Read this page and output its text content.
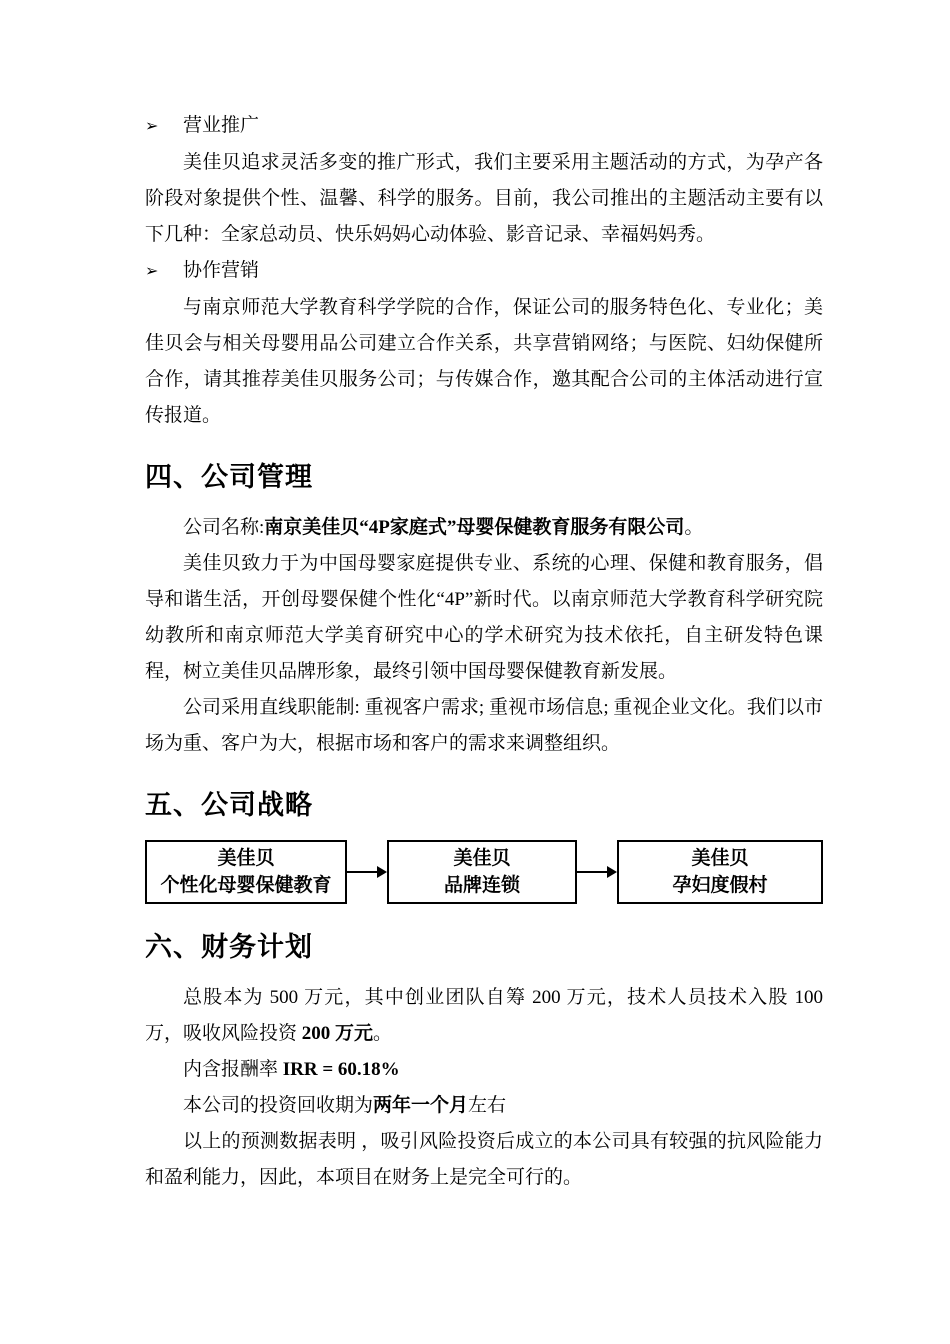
➢	营业推广

美佳贝追求灵活多变的推广形式，我们主要采用主题活动的方式，为孕产各阶段对象提供个性、温馨、科学的服务。目前，我公司推出的主题活动主要有以下几种：全家总动员、快乐妈妈心动体验、影音记录、幸福妈妈秀。

➢	协作营销

与南京师范大学教育科学学院的合作，保证公司的服务特色化、专业化；美佳贝会与相关母婴用品公司建立合作关系，共享营销网络；与医院、妇幼保健所合作，请其推荐美佳贝服务公司；与传媒合作，邀其配合公司的主体活动进行宣传报道。

四、公司管理

公司名称:南京美佳贝“4P家庭式”母婴保健教育服务有限公司。

美佳贝致力于为中国母婴家庭提供专业、系统的心理、保健和教育服务，倡导和谐生活，开创母婴保健个性化“4P”新时代。以南京师范大学教育科学研究院幼教所和南京师范大学美育研究中心的学术研究为技术依托，自主研发特色课程，树立美佳贝品牌形象，最终引领中国母婴保健教育新发展。

公司采用直线职能制: 重视客户需求; 重视市场信息; 重视企业文化。我们以市场为重、客户为大，根据市场和客户的需求来调整组织。

五、公司战略
美佳贝
个性化母婴保健教育
美佳贝
品牌连锁
美佳贝
孕妇度假村
六、财务计划

总股本为 500 万元，其中创业团队自筹 200 万元，技术人员技术入股 100 万，吸收风险投资 200 万元。

内含报酬率 IRR = 60.18%

本公司的投资回收期为两年一个月左右

以上的预测数据表明 ，吸引风险投资后成立的本公司具有较强的抗风险能力和盈利能力，因此，本项目在财务上是完全可行的。
